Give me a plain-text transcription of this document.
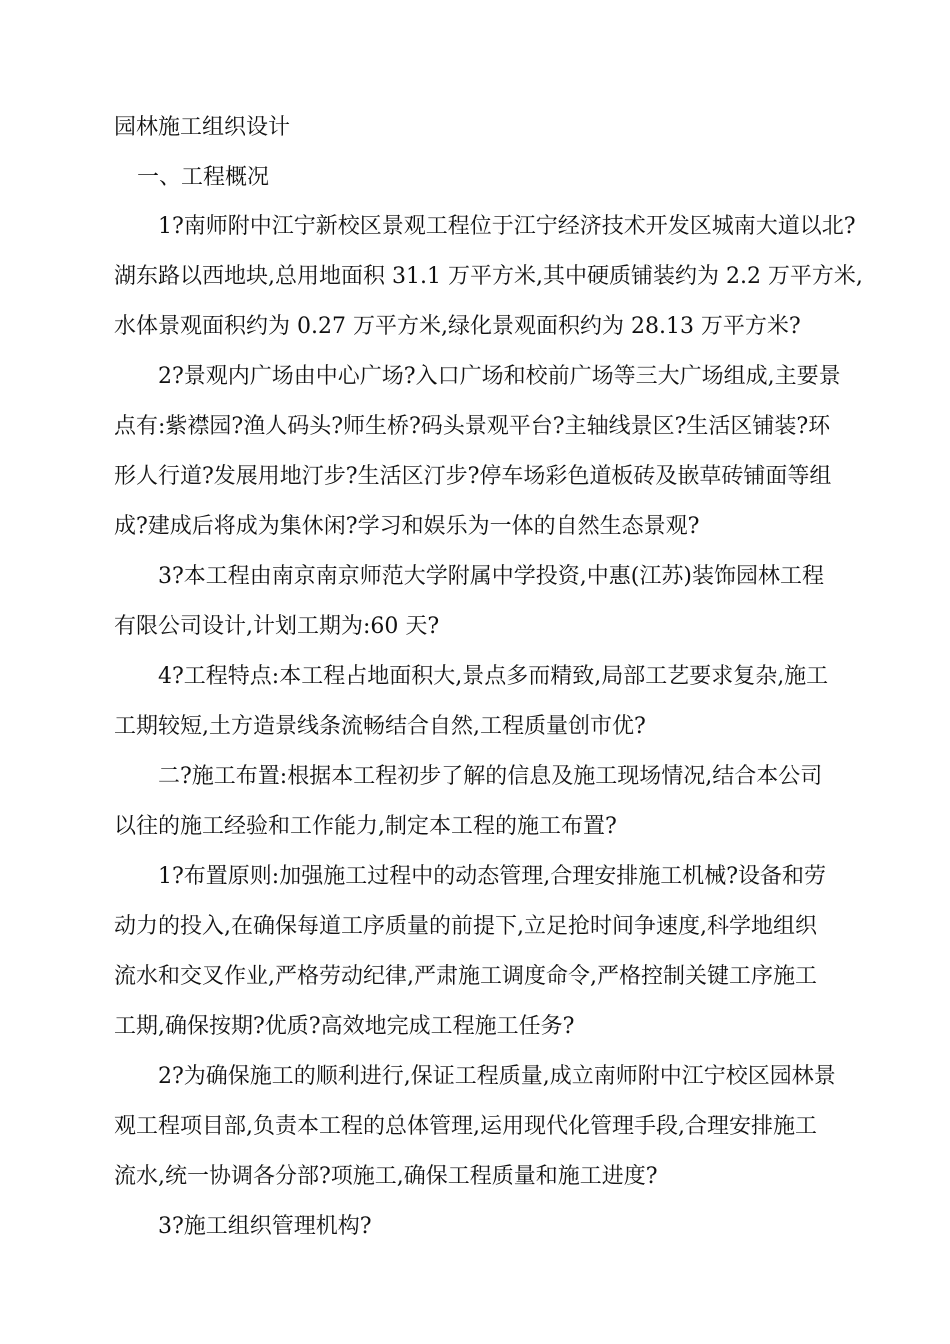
园林施工组织设计
一、工程概况
1?南师附中江宁新校区景观工程位于江宁经济技术开发区城南大道以北?
湖东路以西地块,总用地面积 31.1 万平方米,其中硬质铺装约为 2.2 万平方米,
水体景观面积约为 0.27 万平方米,绿化景观面积约为 28.13 万平方米?
2?景观内广场由中心广场?入口广场和校前广场等三大广场组成,主要景
点有:紫襟园?渔人码头?师生桥?码头景观平台?主轴线景区?生活区铺装?环
形人行道?发展用地汀步?生活区汀步?停车场彩色道板砖及嵌草砖铺面等组
成?建成后将成为集休闲?学习和娱乐为一体的自然生态景观?
3?本工程由南京南京师范大学附属中学投资,中惠(江苏)装饰园林工程
有限公司设计,计划工期为:60 天?
4?工程特点:本工程占地面积大,景点多而精致,局部工艺要求复杂,施工
工期较短,土方造景线条流畅结合自然,工程质量创市优?
二?施工布置:根据本工程初步了解的信息及施工现场情况,结合本公司
以往的施工经验和工作能力,制定本工程的施工布置?
1?布置原则:加强施工过程中的动态管理,合理安排施工机械?设备和劳
动力的投入,在确保每道工序质量的前提下,立足抢时间争速度,科学地组织
流水和交叉作业,严格劳动纪律,严肃施工调度命令,严格控制关键工序施工
工期,确保按期?优质?高效地完成工程施工任务?
2?为确保施工的顺利进行,保证工程质量,成立南师附中江宁校区园林景
观工程项目部,负责本工程的总体管理,运用现代化管理手段,合理安排施工
流水,统一协调各分部?项施工,确保工程质量和施工进度?
3?施工组织管理机构?
